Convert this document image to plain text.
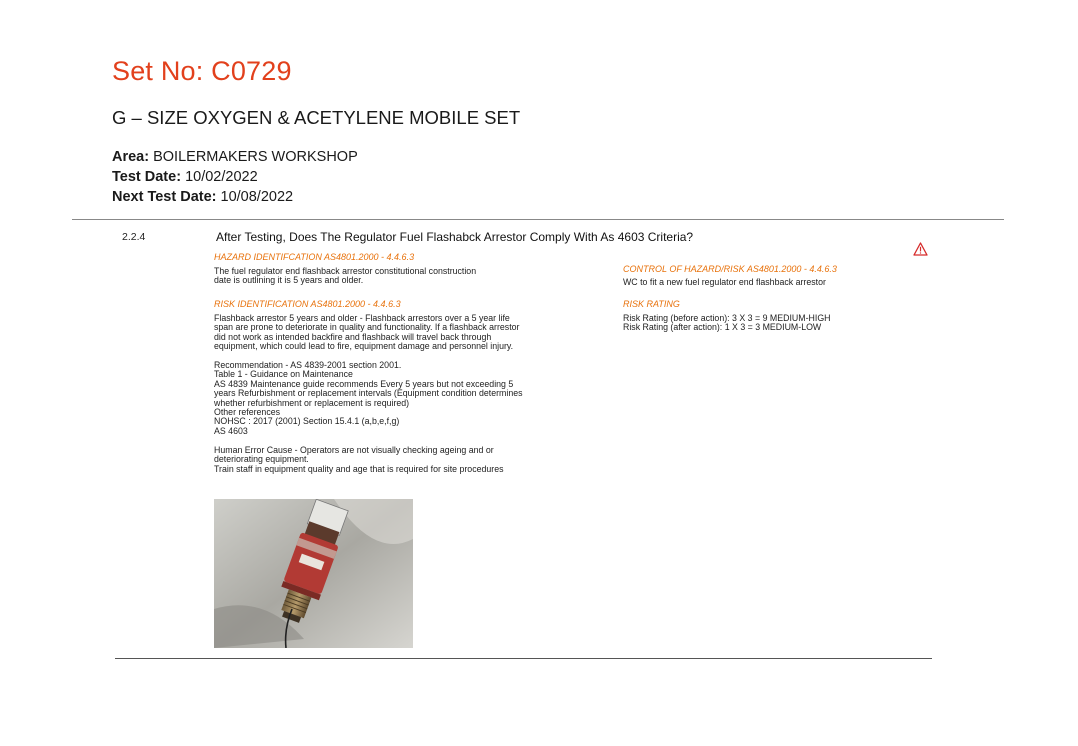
Set No: C0729
G – SIZE OXYGEN & ACETYLENE MOBILE SET
Area: BOILERMAKERS WORKSHOP
Test Date: 10/02/2022
Next Test Date: 10/08/2022
2.2.4	After Testing, Does The Regulator Fuel Flashabck Arrestor Comply With As 4603 Criteria?
HAZARD IDENTIFCATION AS4801.2000 - 4.4.6.3
The fuel regulator end flashback arrestor constitutional construction
date is outlining it is 5 years and older.
RISK IDENTIFICATION AS4801.2000 - 4.4.6.3
Flashback arrestor 5 years and older - Flashback arrestors over a 5 year life
span are prone to deteriorate in quality and functionality. If a flashback arrestor
did not work as intended backfire and flashback will travel back through
equipment, which could lead to fire, equipment damage and personnel injury.
Recommendation - AS 4839-2001 section 2001.
Table 1 - Guidance on Maintenance
AS 4839 Maintenance guide recommends Every 5 years but not exceeding 5
years Refurbishment or replacement intervals (Equipment condition determines
whether refurbishment or replacement is required)
Other references
NOHSC : 2017 (2001) Section 15.4.1 (a,b,e,f,g)
AS 4603
Human Error Cause - Operators are not visually checking ageing and or
deteriorating equipment.
Train staff in equipment quality and age that is required for site procedures
CONTROL OF HAZARD/RISK AS4801.2000 - 4.4.6.3
WC to fit a new fuel regulator end flashback arrestor
RISK RATING
Risk Rating (before action): 3 X 3 = 9 MEDIUM-HIGH
Risk Rating (after action): 1 X 3 = 3 MEDIUM-LOW
